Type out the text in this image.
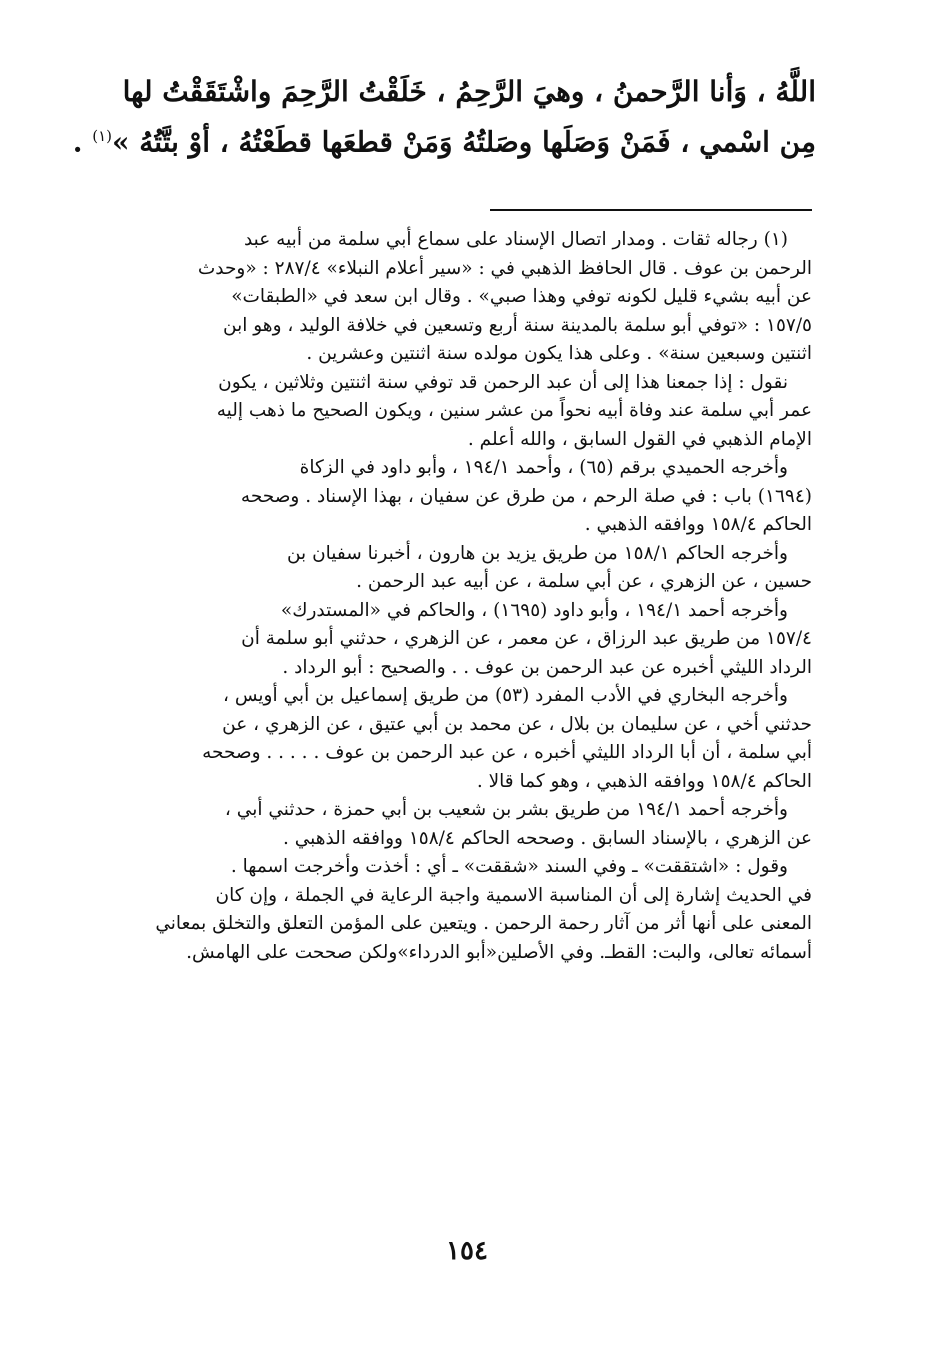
اللَّهُ ، وَأنا الرَّحمنُ ، وهيَ الرَّحِمُ ، خَلَقْتُ الرَّحِمَ واشْتَقَقْتُ لها
مِن اسْمي ، فَمَنْ وَصَلَها وصَلتُهُ وَمَنْ قطعَها قطَعْتُهُ ، أوْ بتَّتُهُ »$^{(١)}$ .
(١) رجاله ثقات . ومدار اتصال الإسناد على سماع أبي سلمة من أبيه عبد
الرحمن بن عوف . قال الحافظ الذهبي في : «سير أعلام النبلاء» ٢٨٧/٤ : «وحدث
عن أبيه بشيء قليل لكونه توفي وهذا صبي» . وقال ابن سعد في «الطبقات»
١٥٧/٥ : «توفي أبو سلمة بالمدينة سنة أربع وتسعين في خلافة الوليد ، وهو ابن
اثنتين وسبعين سنة» . وعلى هذا يكون مولده سنة اثنتين وعشرين .
نقول : إذا جمعنا هذا إلى أن عبد الرحمن قد توفي سنة اثنتين وثلاثين ، يكون
عمر أبي سلمة عند وفاة أبيه نحواً من عشر سنين ، ويكون الصحيح ما ذهب إليه
الإمام الذهبي في القول السابق ، والله أعلم .
وأخرجه الحميدي برقم (٦٥) ، وأحمد ١٩٤/١ ، وأبو داود في الزكاة
(١٦٩٤) باب : في صلة الرحم ، من طرق عن سفيان ، بهذا الإسناد . وصححه
الحاكم ١٥٨/٤ ووافقه الذهبي .
وأخرجه الحاكم ١٥٨/١ من طريق يزيد بن هارون ، أخبرنا سفيان بن
حسين ، عن الزهري ، عن أبي سلمة ، عن أبيه عبد الرحمن .
وأخرجه أحمد ١٩٤/١ ، وأبو داود (١٦٩٥) ، والحاكم في «المستدرك»
١٥٧/٤ من طريق عبد الرزاق ، عن معمر ، عن الزهري ، حدثني أبو سلمة أن
الرداد الليثي أخبره عن عبد الرحمن بن عوف . . والصحيح : أبو الرداد .
وأخرجه البخاري في الأدب المفرد (٥٣) من طريق إسماعيل بن أبي أويس ،
حدثني أخي ، عن سليمان بن بلال ، عن محمد بن أبي عتيق ، عن الزهري ، عن
أبي سلمة ، أن أبا الرداد الليثي أخبره ، عن عبد الرحمن بن عوف . . . . . وصححه
الحاكم ١٥٨/٤ ووافقه الذهبي ، وهو كما قالا .
وأخرجه أحمد ١٩٤/١ من طريق بشر بن شعيب بن أبي حمزة ، حدثني أبي ،
عن الزهري ، بالإسناد السابق . وصححه الحاكم ١٥٨/٤ ووافقه الذهبي .
وقول : «اشتققت» ـ وفي السند «شققت» ـ أي : أخذت وأخرجت اسمها .
في الحديث إشارة إلى أن المناسبة الاسمية واجبة الرعاية في الجملة ، وإن كان
المعنى على أنها أثر من آثار رحمة الرحمن . ويتعين على المؤمن التعلق والتخلق بمعاني
أسمائه تعالى، والبت: القطـ. وفي الأصلين«أبو الدرداء»ولكن صححت على الهامش.
١٥٤
